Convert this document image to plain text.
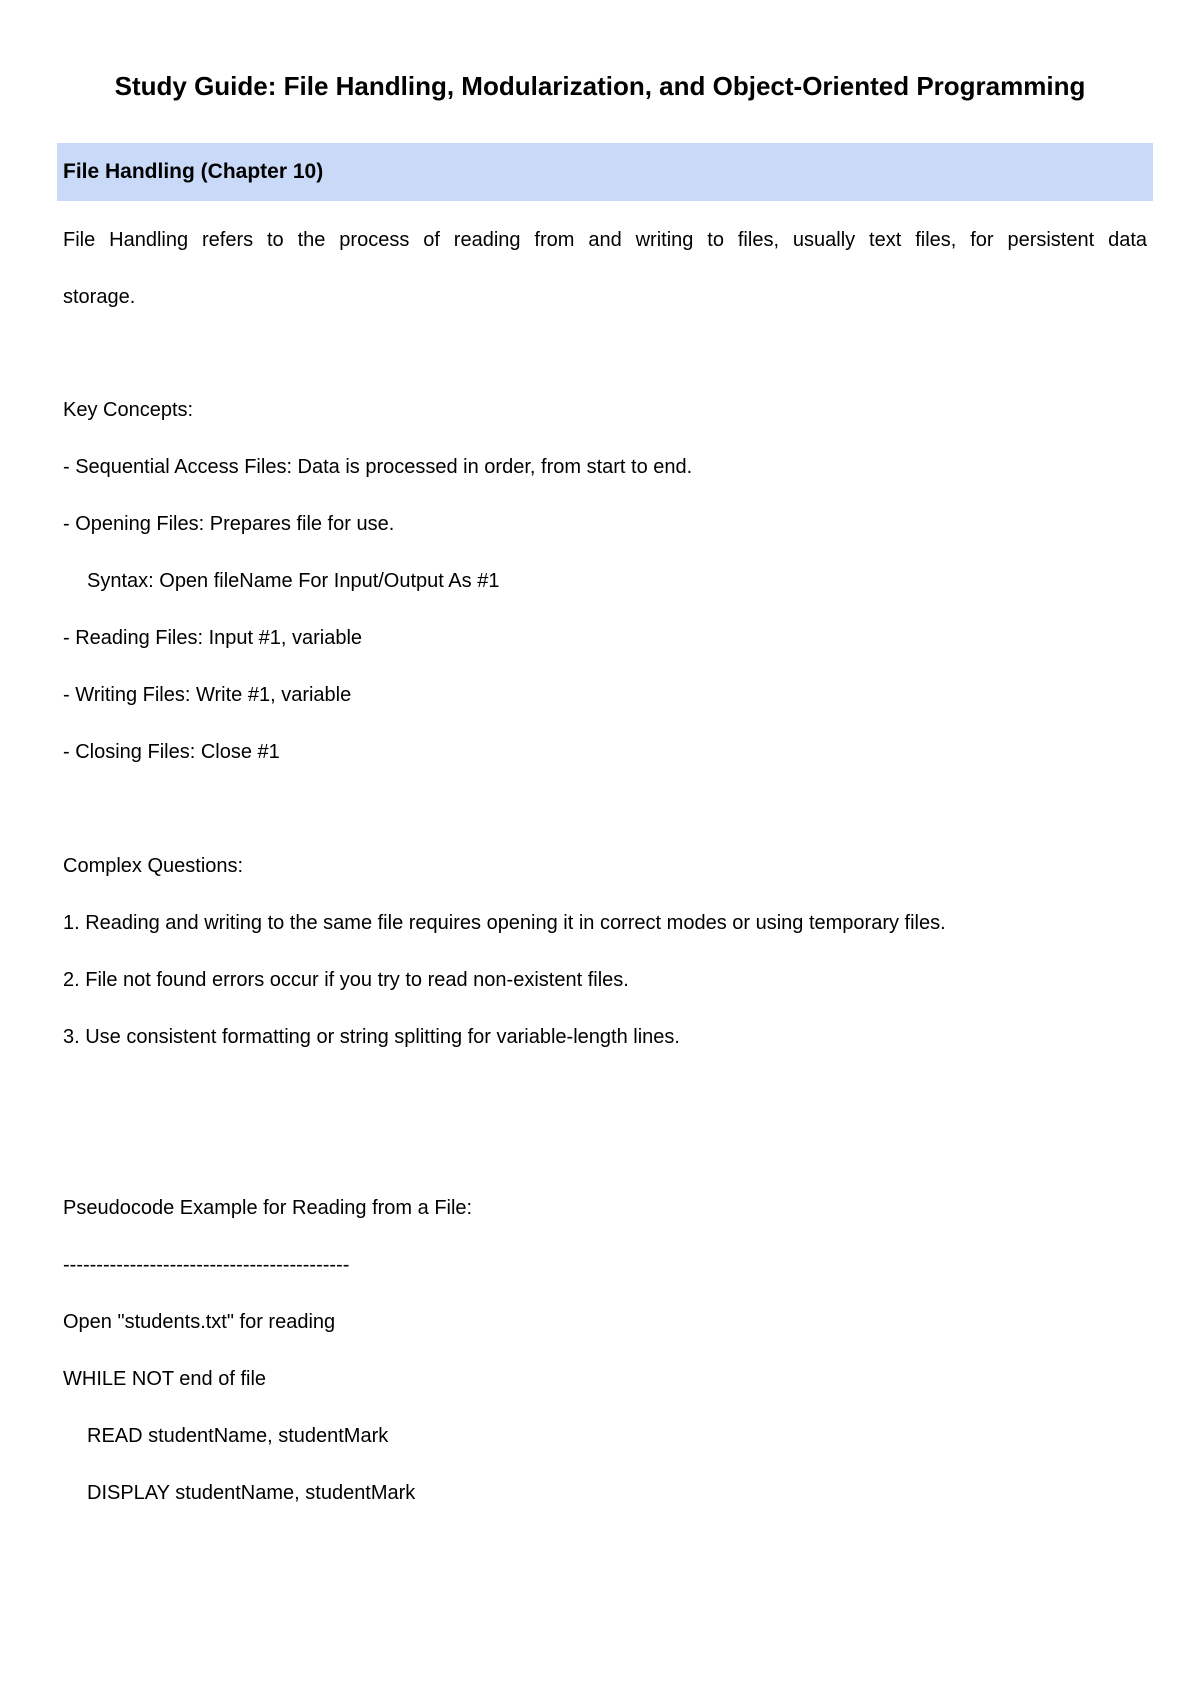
Study Guide: File Handling, Modularization, and Object-Oriented Programming
File Handling (Chapter 10)
File Handling refers to the process of reading from and writing to files, usually text files, for persistent data
storage.
Key Concepts:
- Sequential Access Files: Data is processed in order, from start to end.
- Opening Files: Prepares file for use.
Syntax: Open fileName For Input/Output As #1
- Reading Files: Input #1, variable
- Writing Files: Write #1, variable
- Closing Files: Close #1
Complex Questions:
1. Reading and writing to the same file requires opening it in correct modes or using temporary files.
2. File not found errors occur if you try to read non-existent files.
3. Use consistent formatting or string splitting for variable-length lines.
Pseudocode Example for Reading from a File:
-------------------------------------------
Open "students.txt" for reading
WHILE NOT end of file
READ studentName, studentMark
DISPLAY studentName, studentMark
